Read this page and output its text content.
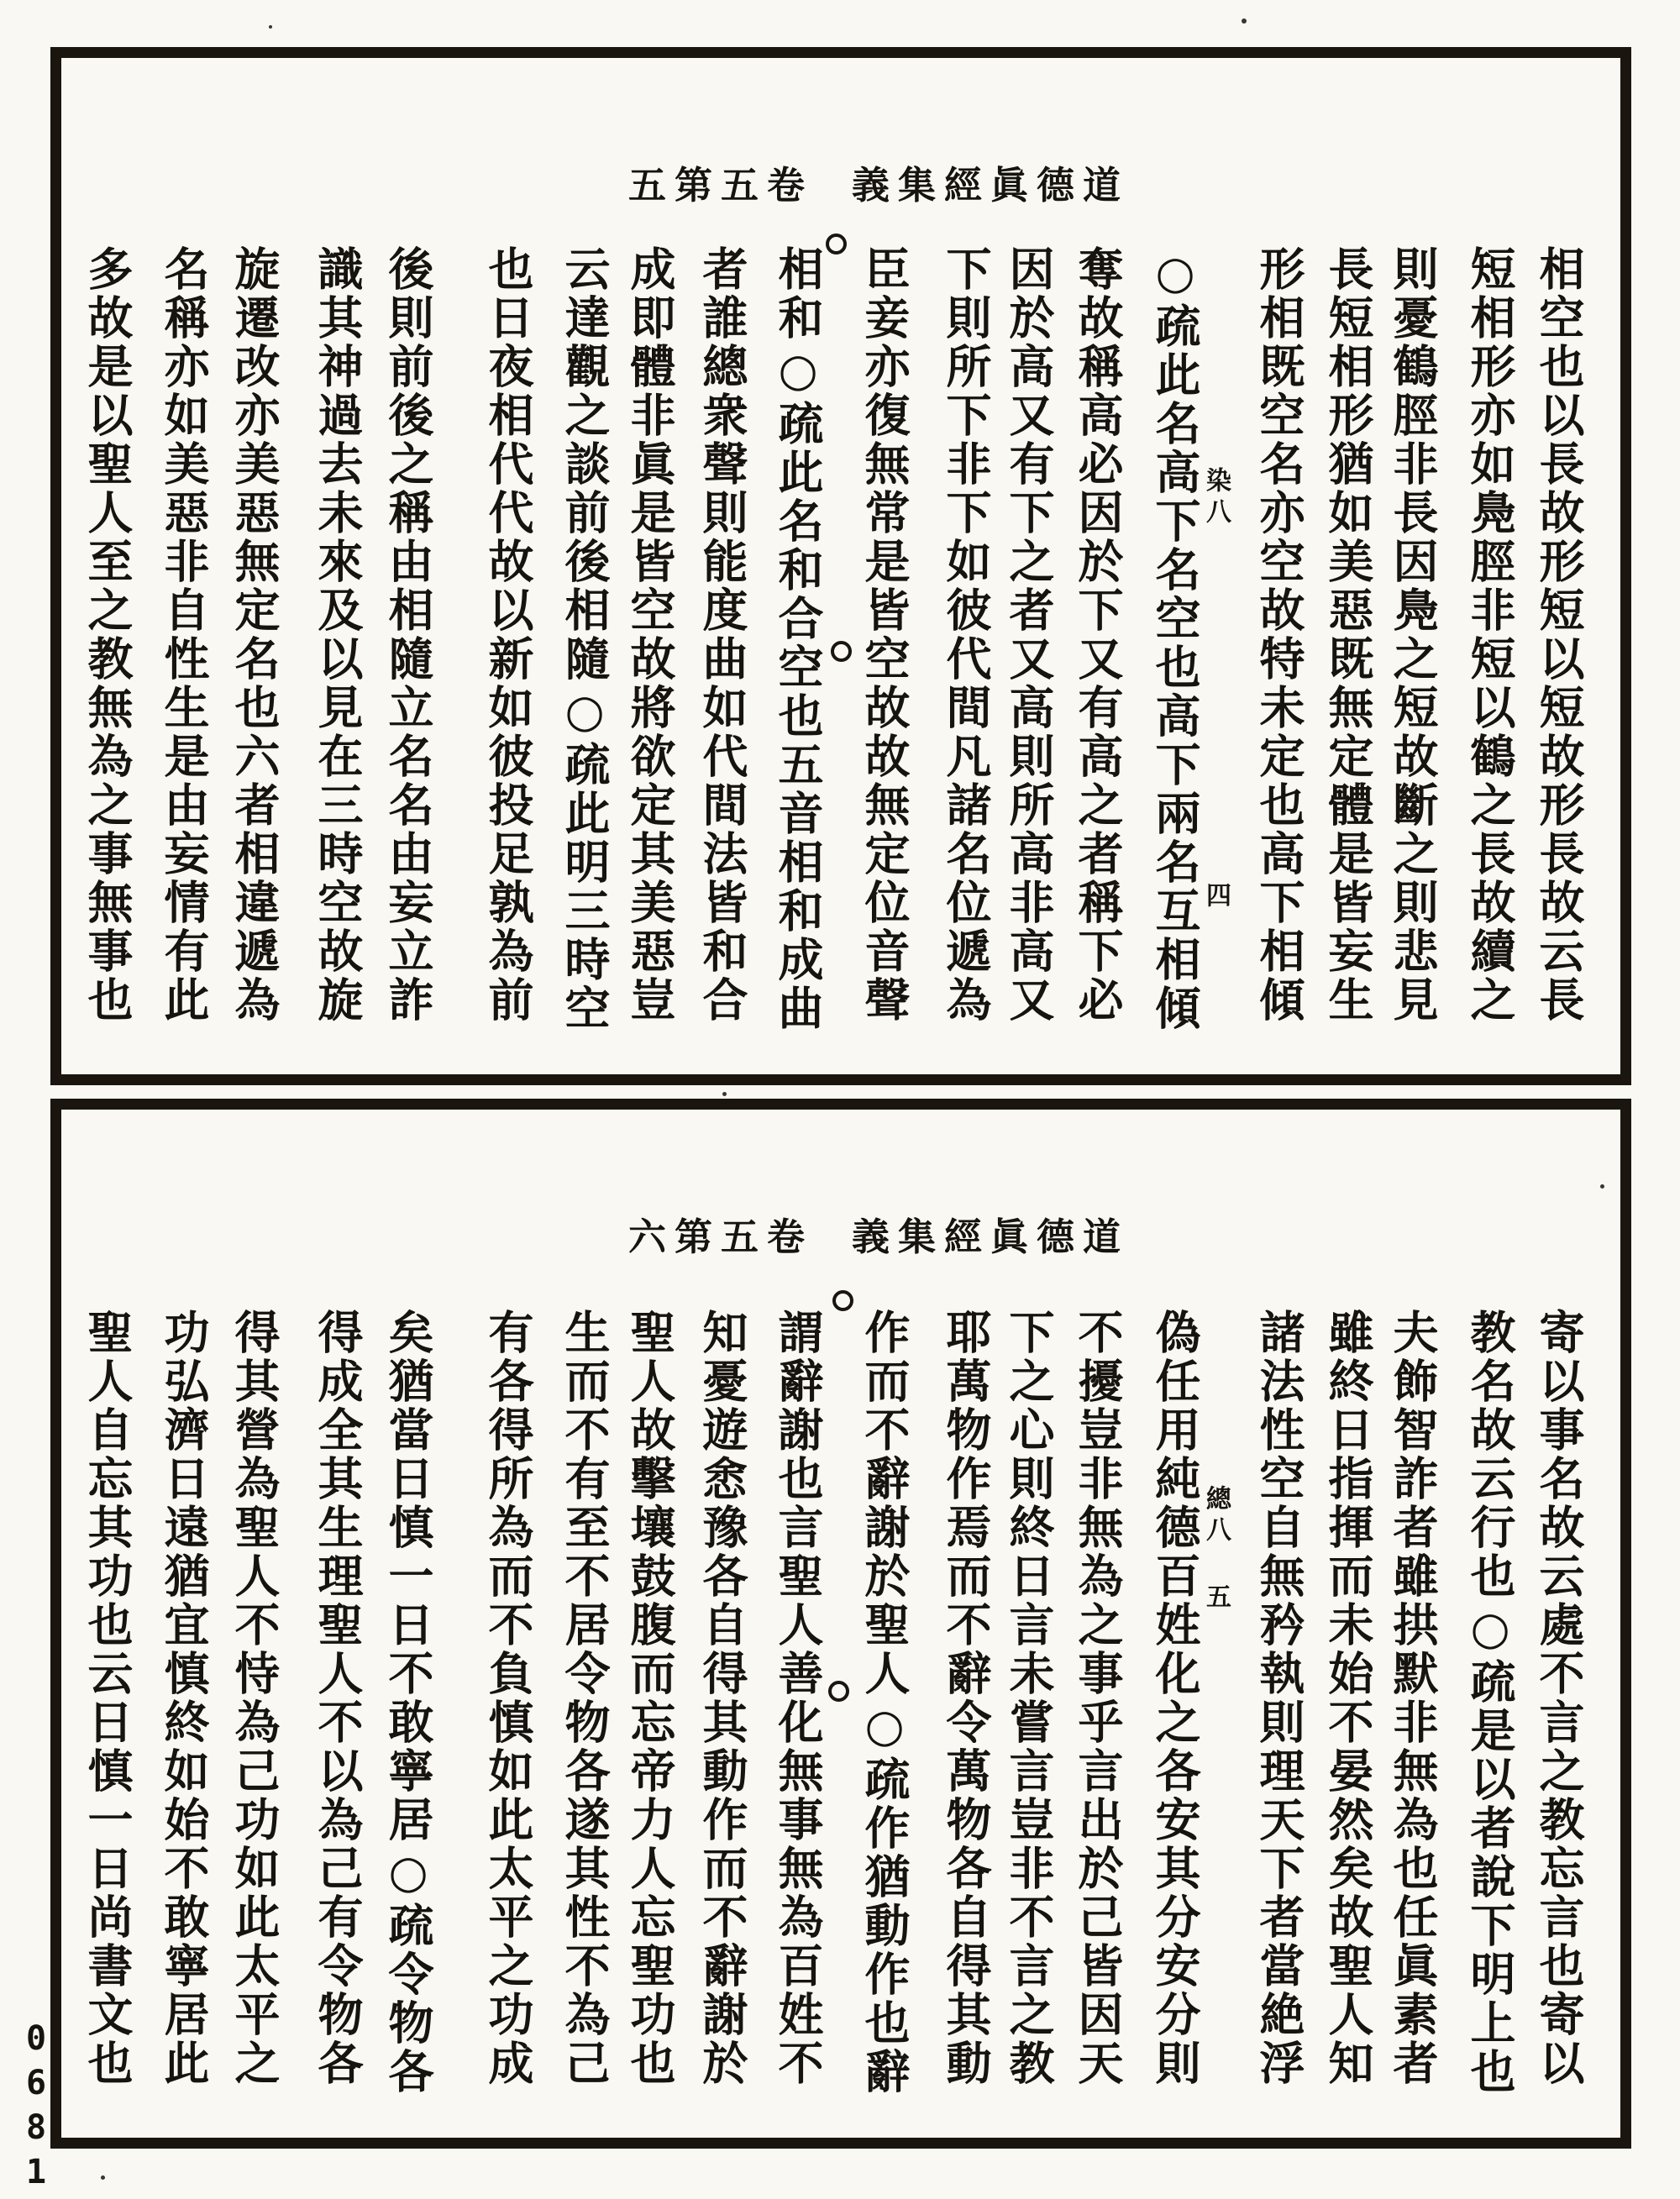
五第五卷 義集經眞德道
相空也以長故形短以短故形長故云長
短相形亦如鳧脛非短以鶴之長故續之
則憂鶴脛非長因鳧之短故斷之則悲見
長短相形猶如美惡既無定體是皆妄生
形相既空名亦空故特未定也高下相傾
○疏此名高下名空也高下兩名互相傾
奪故稱高必因於下又有高之者稱下必
因於高又有下之者又高則所高非高又
下則所下非下如彼代間凡諸名位遞為
臣妾亦復無常是皆空故故無定位音聲
相和○疏此名和合空也五音相和成曲
者誰總衆聲則能度曲如代間法皆和合
成即體非眞是皆空故將欲定其美惡豈
云達觀之談前後相隨○疏此明三時空
也日夜相代代故以新如彼投足孰為前
後則前後之稱由相隨立名名由妄立詐
識其神過去未來及以見在三時空故旋
旋遷改亦美惡無定名也六者相違遞為
名稱亦如美惡非自性生是由妄情有此
多故是以聖人至之教無為之事無事也	染八
四
六第五卷 義集經眞德道
寄以事名故云處不言之教忘言也寄以
教名故云行也○疏是以者說下明上也
夫飾智詐者雖拱默非無為也任眞素者
雖終日指揮而未始不晏然矣故聖人知
諸法性空自無矜執則理天下者當絶浮
偽任用純德百姓化之各安其分安分則
不擾豈非無為之事乎言出於己皆因天
下之心則終日言未嘗言豈非不言之教
耶萬物作焉而不辭令萬物各自得其動
作而不辭謝於聖人○疏作猶動作也辭
謂辭謝也言聖人善化無事無為百姓不
知憂遊悆豫各自得其動作而不辭謝於
聖人故擊壤鼓腹而忘帝力人忘聖功也
生而不有至不居令物各遂其性不為己
有各得所為而不負慎如此太平之功成
矣猶當日慎一日不敢寧居○疏令物各
得成全其生理聖人不以為己有令物各
得其營為聖人不恃為己功如此太平之
功弘濟日遠猶宜慎終如始不敢寧居此
聖人自忘其功也云日慎一日尚書文也	總八
五
0681
